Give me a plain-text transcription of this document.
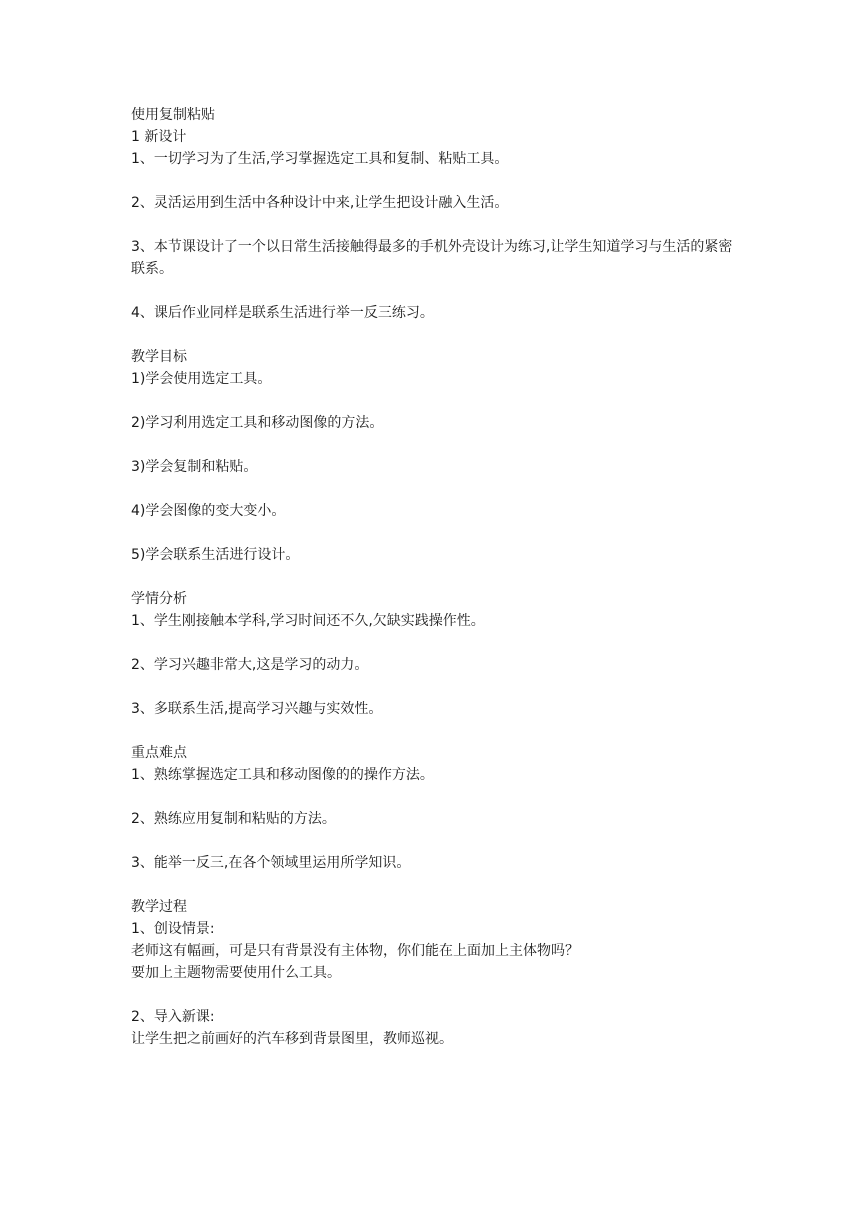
使用复制粘贴
1 新设计
1、一切学习为了生活,学习掌握选定工具和复制、粘贴工具。
2、灵活运用到生活中各种设计中来,让学生把设计融入生活。
3、本节课设计了一个以日常生活接触得最多的手机外壳设计为练习,让学生知道学习与生活的紧密联系。
4、课后作业同样是联系生活进行举一反三练习。
教学目标
1)学会使用选定工具。
2)学习利用选定工具和移动图像的方法。
3)学会复制和粘贴。
4)学会图像的变大变小。
5)学会联系生活进行设计。
学情分析
1、学生刚接触本学科,学习时间还不久,欠缺实践操作性。
2、学习兴趣非常大,这是学习的动力。
3、多联系生活,提高学习兴趣与实效性。
重点难点
1、熟练掌握选定工具和移动图像的的操作方法。
2、熟练应用复制和粘贴的方法。
3、能举一反三,在各个领域里运用所学知识。
教学过程
1、创设情景:
老师这有幅画，可是只有背景没有主体物，你们能在上面加上主体物吗？
要加上主题物需要使用什么工具。
2、导入新课:
让学生把之前画好的汽车移到背景图里，教师巡视。
